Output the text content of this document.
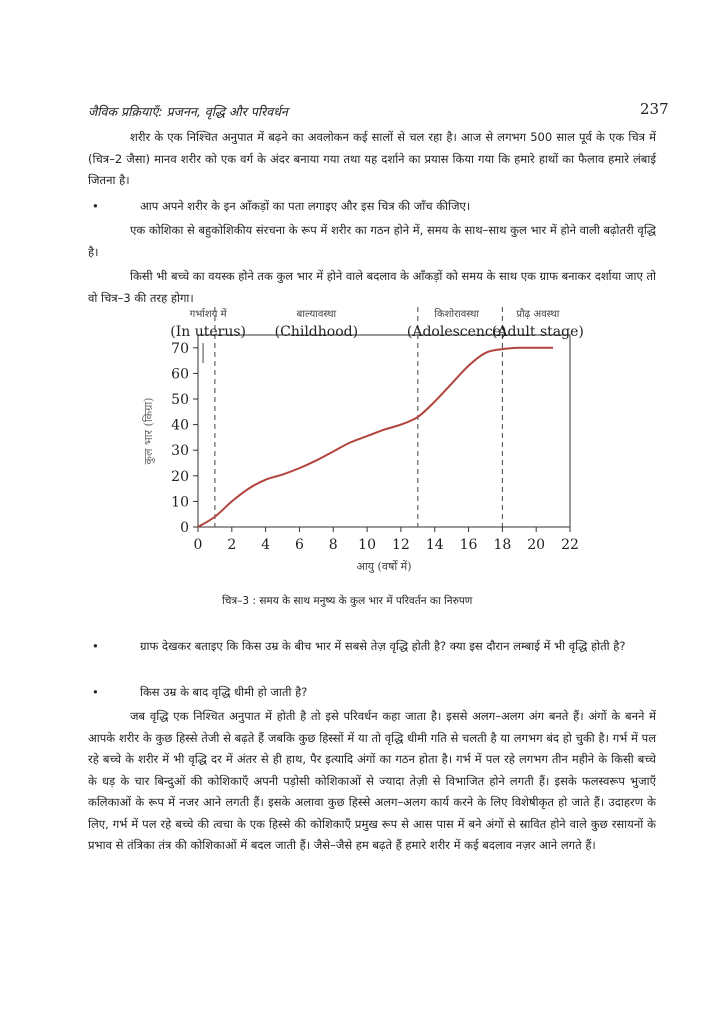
जैविक प्रक्रियाएँ: प्रजनन, वृद्धि और परिवर्धन	237
शरीर के एक निश्चित अनुपात में बढ़ने का अवलोकन कई सालों से चल रहा है। आज से लगभग 500 साल पूर्व के एक चित्र में (चित्र–2 जैसा) मानव शरीर को एक वर्ग के अंदर बनाया गया तथा यह दर्शाने का प्रयास किया गया कि हमारे हाथों का फैलाव हमारे लंबाई जितना है।
•	आप अपने शरीर के इन आँकड़ों का पता लगाइए और इस चित्र की जाँच कीजिए।
एक कोशिका से बहुकोशिकीय संरचना के रूप में शरीर का गठन होने में, समय के साथ–साथ कुल भार में होने वाली बढ़ोतरी वृद्धि है।
किसी भी बच्चे का वयस्क होने तक कुल भार में होने वाले बदलाव के आँकड़ों को समय के साथ एक ग्राफ बनाकर दर्शाया जाए तो वो चित्र–3 की तरह होगा।
0
10
20
30
40
50
60
70
0 2 4 6 8 10 12 14 16 18 20 22
आयु (वर्षों में)
कुल भार (किग्रा)
गर्भाशय में
(In uterus)
बाल्यावस्था
(Childhood)
किशोरावस्था
(Adolescence)
प्रौढ़ अवस्था
(Adult stage)
चित्र–3 : समय के साथ मनुष्य के कुल भार में परिवर्तन का निरुपण
•	ग्राफ देखकर बताइए कि किस उम्र के बीच भार में सबसे तेज़ वृद्धि होती है? क्या इस दौरान लम्बाई में भी वृद्धि होती है?
•	किस उम्र के बाद वृद्धि धीमी हो जाती है?
जब वृद्धि एक निश्चित अनुपात में होती है तो इसे परिवर्धन कहा जाता है। इससे अलग–अलग अंग बनते हैं। अंगों के बनने में आपके शरीर के कुछ हिस्से तेजी से बढ़ते हैं जबकि कुछ हिस्सों में या तो वृद्धि धीमी गति से चलती है या लगभग बंद हो चुकी है। गर्भ में पल रहे बच्चे के शरीर में भी वृद्धि दर में अंतर से ही हाथ, पैर इत्यादि अंगों का गठन होता है। गर्भ में पल रहे लगभग तीन महीने के किसी बच्चे के धड़ के चार बिन्दुओं की कोशिकाएँ अपनी पड़ोसी कोशिकाओं से ज्यादा तेज़ी से विभाजित होने लगती हैं। इसके फलस्वरूप भुजाएँ कलिकाओं के रूप में नजर आने लगती हैं। इसके अलावा कुछ हिस्से अलग–अलग कार्य करने के लिए विशेषीकृत हो जाते हैं। उदाहरण के लिए, गर्भ में पल रहे बच्चे की त्वचा के एक हिस्से की कोशिकाएँ प्रमुख रूप से आस पास में बने अंगों से स्रावित होने वाले कुछ रसायनों के प्रभाव से तंत्रिका तंत्र की कोशिकाओं में बदल जाती हैं। जैसे–जैसे हम बढ़ते हैं हमारे शरीर में कई बदलाव नज़र आने लगते हैं।
